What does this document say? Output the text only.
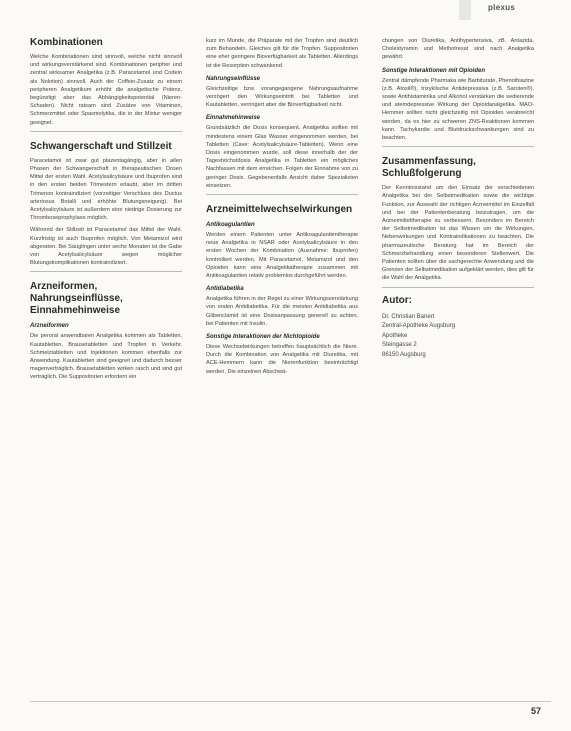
plexus
Kombinationen

Welche Kombinationen sind sinnvoll, welche nicht sinnvoll und wirkungsverstärkend sind. Kombinationen peripher und zentral wirksamer Analgetika (z.B. Paracetamol und Codein als Nolotion) sinnvoll. Auch der Coffein-Zusatz zu einem peripheren Analgetikum erhöht die analgetische Potenz, begünstigt aber das Abhängigkeitspotential (Nieren-Schaden). Nicht ratsam sind Zusätze von Vitaminen, Schmerzmittel oder Spasmolytika, die in der Mixtur weniger geeignet.

Schwangerschaft und Stillzeit

Paracetamol ist zwar gut plazentagängig, aber in allen Phasen der Schwangerschaft in therapeutischen Dosen Mittel der ersten Wahl. Acetylsalicylsäure und Ibuprofen sind in den ersten beiden Trimestern erlaubt, aber im dritten Trimenon kontraindiziert (vorzeitiger Verschluss des Ductus arteriosus Botalli und erhöhte Blutungsneigung). Bei Acetylsalicylsäure ist außerdem eine niedrige Dosierung zur Thromboseprophylaxe möglich.

Während der Stillzeit ist Paracetamol das Mittel der Wahl. Kurzfristig ist auch Ibuprofen möglich. Von Metamizol wird abgeraten. Bei Säuglingen unter sechs Monaten ist die Gabe von Acetylsalicylsäure wegen möglicher Blutungskomplikationen kontraindiziert.

Arzneiformen, Nahrungseinflüsse, Einnahmehinweise
Arzneiformen

Die peroral anwendbaren Analgetika kommen als Tabletten, Kautabletten, Brausetabletten und Tropfen in Verkehr. Schmelztabletten und Injektionen kommen ebenfalls zur Anwendung. Kautabletten sind geeignet und dadurch besser magenverträglich. Brausetabletten wirken rasch und sind gut verträglich. Die Suppositorien erfordern ein

kurz im Munde, die Präparate mit der Tropfen sind deutlich zum Behandeln. Gleiches gilt für die Tropfen. Suppositorien eine eher geringere Bioverfügbarkeit als Tabletten. Allerdings ist die Resorption schwankend.

Nahrungseinflüsse

Gleichzeitige bzw. vorangegangene Nahrungsaufnahme verzögert den Wirkungseintritt bei Tabletten und Kautabletten, verringert aber die Bioverfügbarkeit nicht.

Einnahmehinweise

Grundsätzlich die Dosis konsequent. Analgetika sollten mit mindestens einem Glas Wasser eingenommen werden, bei Tabletten (Cave: Acetylsalicylsäure-Tabletten). Wenn eine Dosis eingenommen wurde, soll diese innerhalb der der Tageshöchstdosis Analgetika in Tabletten ein mögliches Nachfassen mit dem erreichen. Folgen der Einnahme von zu geringer Dosis. Gegebenenfalls Ansicht daher Spezialisten einsetzen.

Arzneimittelwechselwirkungen
Antikoagulantien

Werden einem Patienten unter Antikoagulantientherapie neue Analgetika in NSAR oder Acetylsalicylsäure in den ersten Wochen der Kombination (Ausnahme: Ibuprofen) kontrolliert werden. Mit Paracetamol, Metamizol und den Opioiden kann eine Analgetikatherapie zusammen mit Antikoagulantien relativ problemlos durchgeführt werden.

Antidiabetika

Analgetika führen in der Regel zu einer Wirkungsverstärkung von oralen Antidiabetika. Für die meisten Antidiabetika aus Glibenclamid ist eine Dosisanpassung generell zu achten, bei Patienten mit Insulin.

Sonstige Interaktionen der Nichtopioide

Diese Wechselwirkungen betreffen hauptsächlich die Niere. Durch die Kombination von Analgetika mit Diuretika, mit ACE-Hemmern kann die Nierenfunktion beeinträchtigt werden. Die einzelnen Abschwä-

chungen von Diuretika, Antihypertensiva, zB. Antazida, Cholestyramin und Methotrexat sind nach Analgetika gewährt.

Sonstige Interaktionen mit Opioiden

Zentral dämpfende Pharmaka wie Barbiturate, Phenothiazine (z.B. Atosil®), trizyklische Antidepressiva (z.B. Saroten®), sowie Antihistaminika und Alkohol verstärken die sedierende und atemdepressive Wirkung der Opioidanalgetika. MAO-Hemmer sollten nicht gleichzeitig mit Opioiden verabreicht werden, da es hier zu schweren ZNS-Reaktionen kommen kann. Tachykardie und Blutdruckschwankungen sind zu beachten.

Zusammenfassung, Schlußfolgerung

Der Kenntnisstand um den Einsatz der verschiedenen Analgetika bei der Selbstmedikation sowie die wichtige Funktion, zur Auswahl der richtigen Arzneimittel im Einzelfall und bei der Patientenberatung beizutragen, um die Arzneimitteltherapie zu verbessern. Besonders im Bereich der Selbstmedikation ist das Wissen um die Wirkungen, Nebenwirkungen und Kontraindikationen zu beachten. Die pharmazeutische Beratung hat im Bereich der Schmerzbehandlung einen besonderen Stellenwert. Die Patienten sollten über die sachgerechte Anwendung und die Grenzen der Selbstmedikation aufgeklärt werden, dies gilt für die Wahl der Analgetika.

Autor:
Dr. Christian Banert
Zentral-Apotheke Augsburg
Apotheke
Steingasse 2
86150 Augsburg
57
